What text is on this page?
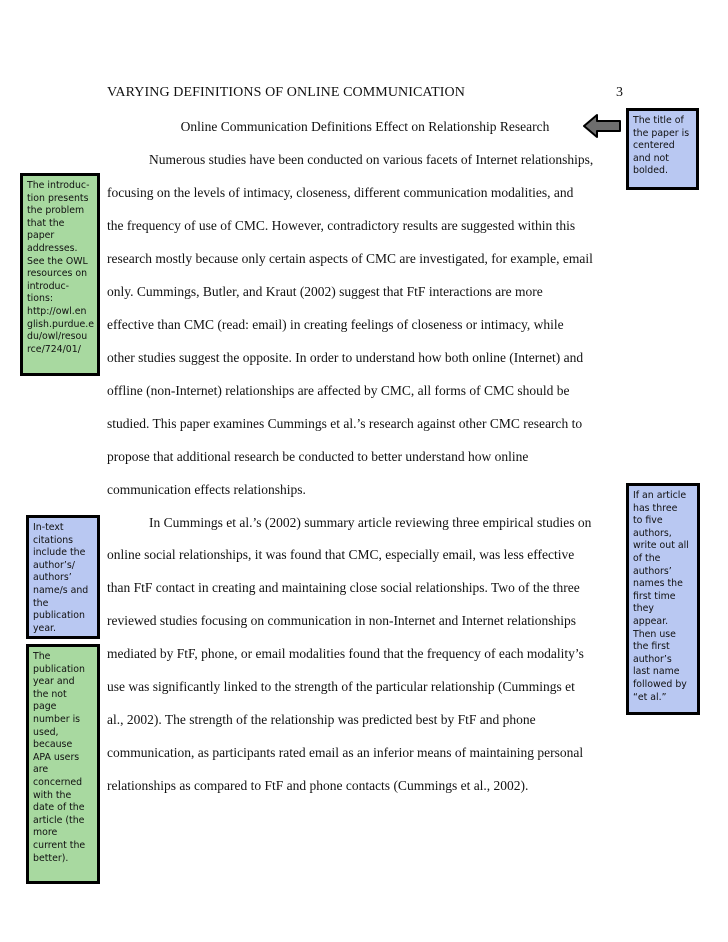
VARYING DEFINITIONS OF ONLINE COMMUNICATION	3
Online Communication Definitions Effect on Relationship Research
Numerous studies have been conducted on various facets of Internet relationships,
focusing on the levels of intimacy, closeness, different communication modalities, and
the frequency of use of CMC. However, contradictory results are suggested within this
research mostly because only certain aspects of CMC are investigated, for example, email
only. Cummings, Butler, and Kraut (2002) suggest that FtF interactions are more
effective than CMC (read: email) in creating feelings of closeness or intimacy, while
other studies suggest the opposite. In order to understand how both online (Internet) and
offline (non-Internet) relationships are affected by CMC, all forms of CMC should be
studied. This paper examines Cummings et al.’s research against other CMC research to
propose that additional research be conducted to better understand how online
communication effects relationships.
In Cummings et al.’s (2002) summary article reviewing three empirical studies on
online social relationships, it was found that CMC, especially email, was less effective
than FtF contact in creating and maintaining close social relationships. Two of the three
reviewed studies focusing on communication in non-Internet and Internet relationships
mediated by FtF, phone, or email modalities found that the frequency of each modality’s
use was significantly linked to the strength of the particular relationship (Cummings et
al., 2002). The strength of the relationship was predicted best by FtF and phone
communication, as participants rated email as an inferior means of maintaining personal
relationships as compared to FtF and phone contacts (Cummings et al., 2002).
The title of
the paper is
centered
and not
bolded.
The introduc-
tion presents
the problem
that the
paper
addresses.
See the OWL
resources on
introduc-
tions:
http://owl.en
glish.purdue.e
du/owl/resou
rce/724/01/
If an article
has three
to five
authors,
write out all
of the
authors’
names the
first time
they
appear.
Then use
the first
author’s
last name
followed by
“et al.”
In-text
citations
include the
author’s/
authors’
name/s and
the
publication
year.
The
publication
year and
the not
page
number is
used,
because
APA users
are
concerned
with the
date of the
article (the
more
current the
better).
